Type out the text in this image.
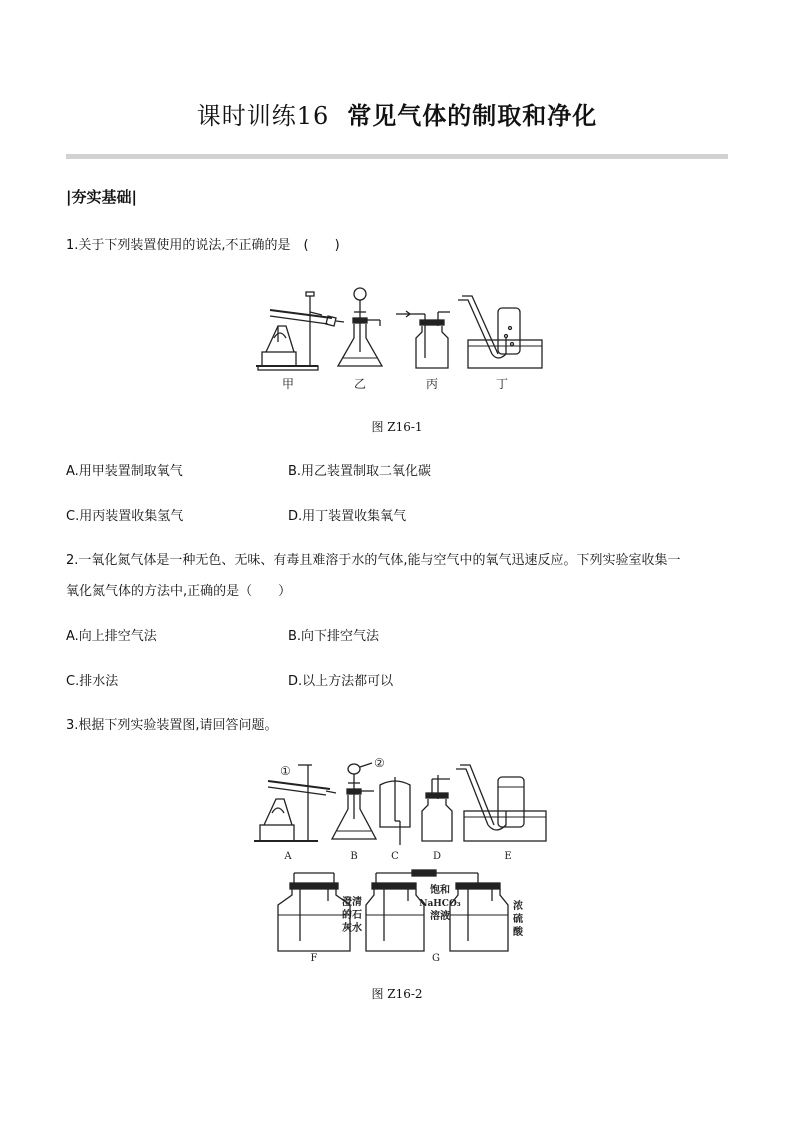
课时训练16 常见气体的制取和净化
|夯实基础|
1.关于下列装置使用的说法,不正确的是　(　　)
甲	乙	丙	丁
图 Z16-1
A.用甲装置制取氧气	B.用乙装置制取二氧化碳
C.用丙装置收集氢气	D.用丁装置收集氧气
2.一氧化氮气体是一种无色、无味、有毒且难溶于水的气体,能与空气中的氧气迅速反应。下列实验室收集一
氧化氮气体的方法中,正确的是（　　）
A.向上排空气法	B.向下排空气法
C.排水法	D.以上方法都可以
3.根据下列实验装置图,请回答问题。
①
②
A	B	C	D	E
F	G
澄清
的石
灰水
饱和
NaHCO₃
溶液
浓
硫
酸
图 Z16-2
